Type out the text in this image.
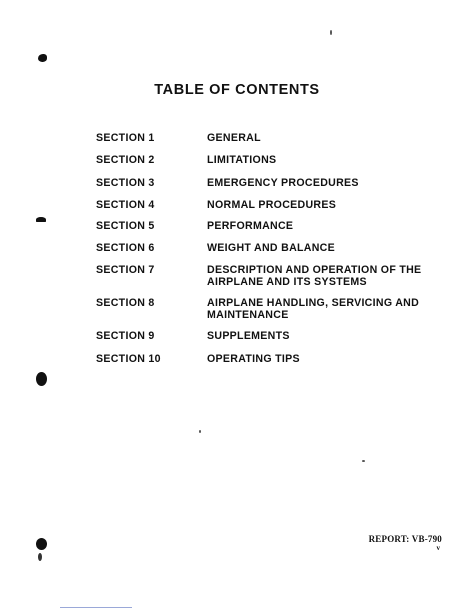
TABLE OF CONTENTS
SECTION 1	GENERAL
SECTION 2	LIMITATIONS
SECTION 3	EMERGENCY PROCEDURES
SECTION 4	NORMAL PROCEDURES
SECTION 5	PERFORMANCE
SECTION 6	WEIGHT AND BALANCE
SECTION 7	DESCRIPTION AND OPERATION OF THE AIRPLANE AND ITS SYSTEMS
SECTION 8	AIRPLANE HANDLING, SERVICING AND MAINTENANCE
SECTION 9	SUPPLEMENTS
SECTION 10	OPERATING TIPS
REPORT: VB-790
v
